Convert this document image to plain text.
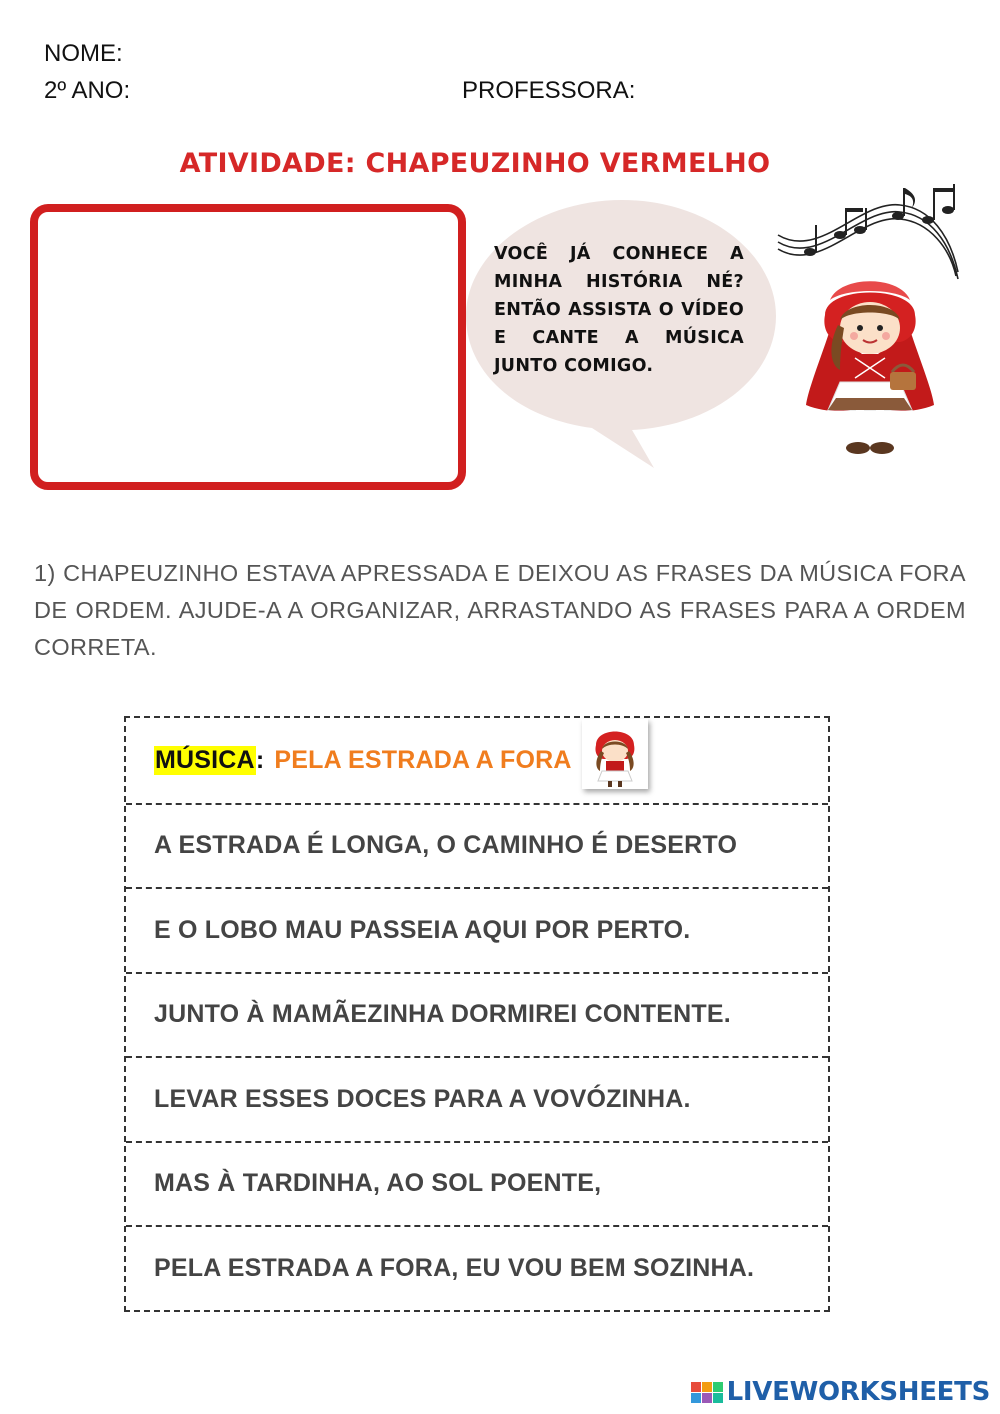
NOME:
2º ANO:	PROFESSORA:
ATIVIDADE: CHAPEUZINHO VERMELHO
VOCÊ JÁ CONHECE A MINHA HISTÓRIA NÉ? ENTÃO ASSISTA O VÍDEO E CANTE A MÚSICA JUNTO COMIGO.
1) CHAPEUZINHO ESTAVA APRESSADA E DEIXOU AS FRASES DA MÚSICA FORA DE ORDEM. AJUDE-A A ORGANIZAR, ARRASTANDO AS FRASES PARA A ORDEM CORRETA.
MÚSICA : PELA ESTRADA A FORA
A ESTRADA É LONGA, O CAMINHO É DESERTO
E O LOBO MAU PASSEIA AQUI POR PERTO.
JUNTO À MAMÃEZINHA DORMIREI CONTENTE.
LEVAR ESSES DOCES PARA A VOVÓZINHA.
MAS À TARDINHA, AO SOL POENTE,
PELA ESTRADA A FORA, EU VOU BEM SOZINHA.
LIVEWORKSHEETS
